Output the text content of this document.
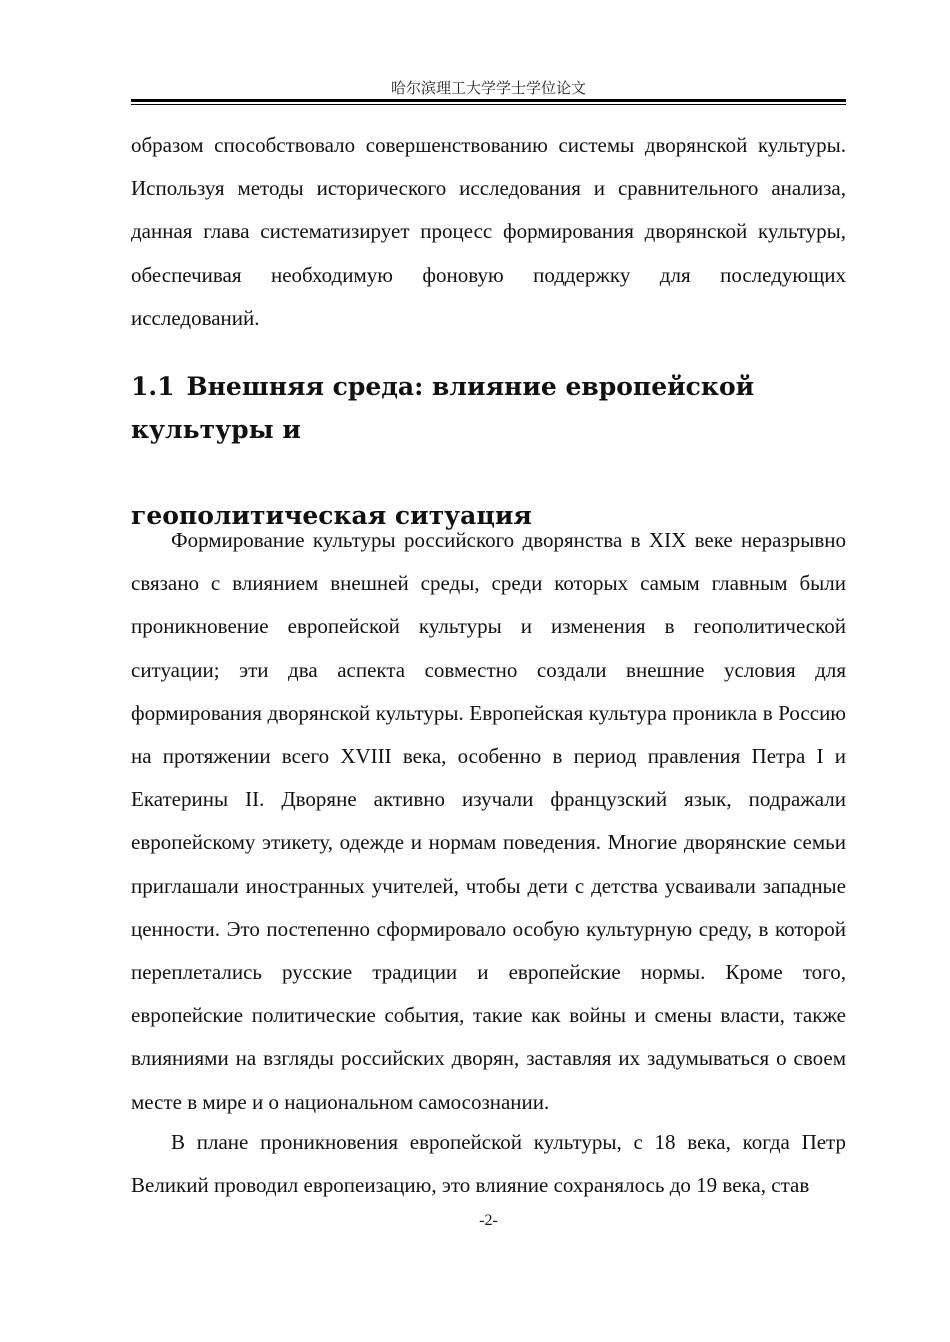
哈尔滨理工大学学士学位论文

образом способствовало совершенствованию системы дворянской культуры. Используя методы исторического исследования и сравнительного анализа, данная глава систематизирует процесс формирования дворянской культуры, обеспечивая необходимую фоновую поддержку для последующих исследований.

1.1 Внешняя среда: влияние европейской культуры и
геополитическая ситуация

Формирование культуры российского дворянства в XIX веке неразрывно связано с влиянием внешней среды, среди которых самым главным были проникновение европейской культуры и изменения в геополитической ситуации; эти два аспекта совместно создали внешние условия для формирования дворянской культуры. Европейская культура проникла в Россию на протяжении всего XVIII века, особенно в период правления Петра I и Екатерины II. Дворяне активно изучали французский язык, подражали европейскому этикету, одежде и нормам поведения. Многие дворянские семьи приглашали иностранных учителей, чтобы дети с детства усваивали западные ценности. Это постепенно сформировало особую культурную среду, в которой переплетались русские традиции и европейские нормы. Кроме того, европейские политические события, такие как войны и смены власти, также влияниями на взгляды российских дворян, заставляя их задумываться о своем месте в мире и о национальном самосознании.

В плане проникновения европейской культуры, с 18 века, когда Петр Великий проводил европеизацию, это влияние сохранялось до 19 века, став

-2-
